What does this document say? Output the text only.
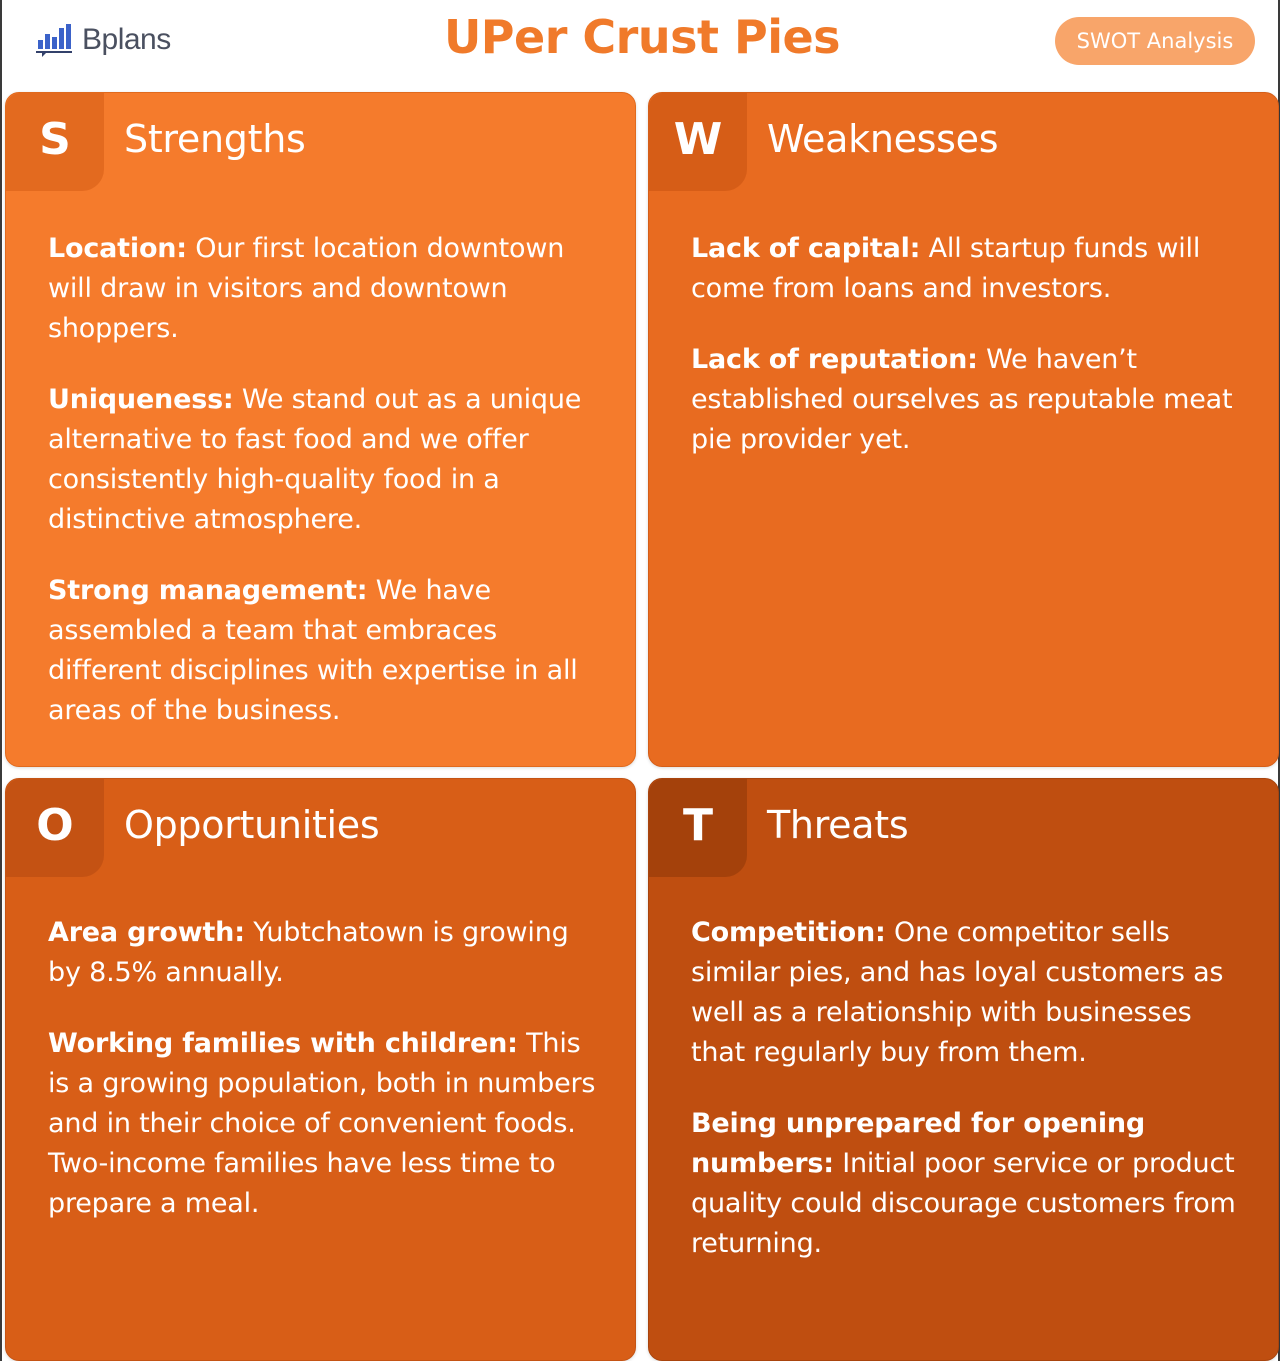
Bplans	UPer Crust Pies	SWOT Analysis
S	Strengths

Location: Our first location downtown will draw in visitors and downtown shoppers.

Uniqueness: We stand out as a unique alternative to fast food and we offer consistently high-quality food in a distinctive atmosphere.

Strong management: We have assembled a team that embraces different disciplines with expertise in all areas of the business.

W	Weaknesses

Lack of capital: All startup funds will come from loans and investors.

Lack of reputation: We haven’t established ourselves as reputable meat pie provider yet.

O	Opportunities

Area growth: Yubtchatown is growing by 8.5% annually.

Working families with children: This is a growing population, both in numbers and in their choice of convenient foods. Two-income families have less time to prepare a meal.

T	Threats

Competition: One competitor sells similar pies, and has loyal customers as well as a relationship with businesses that regularly buy from them.

Being unprepared for opening numbers: Initial poor service or product quality could discourage customers from returning.
